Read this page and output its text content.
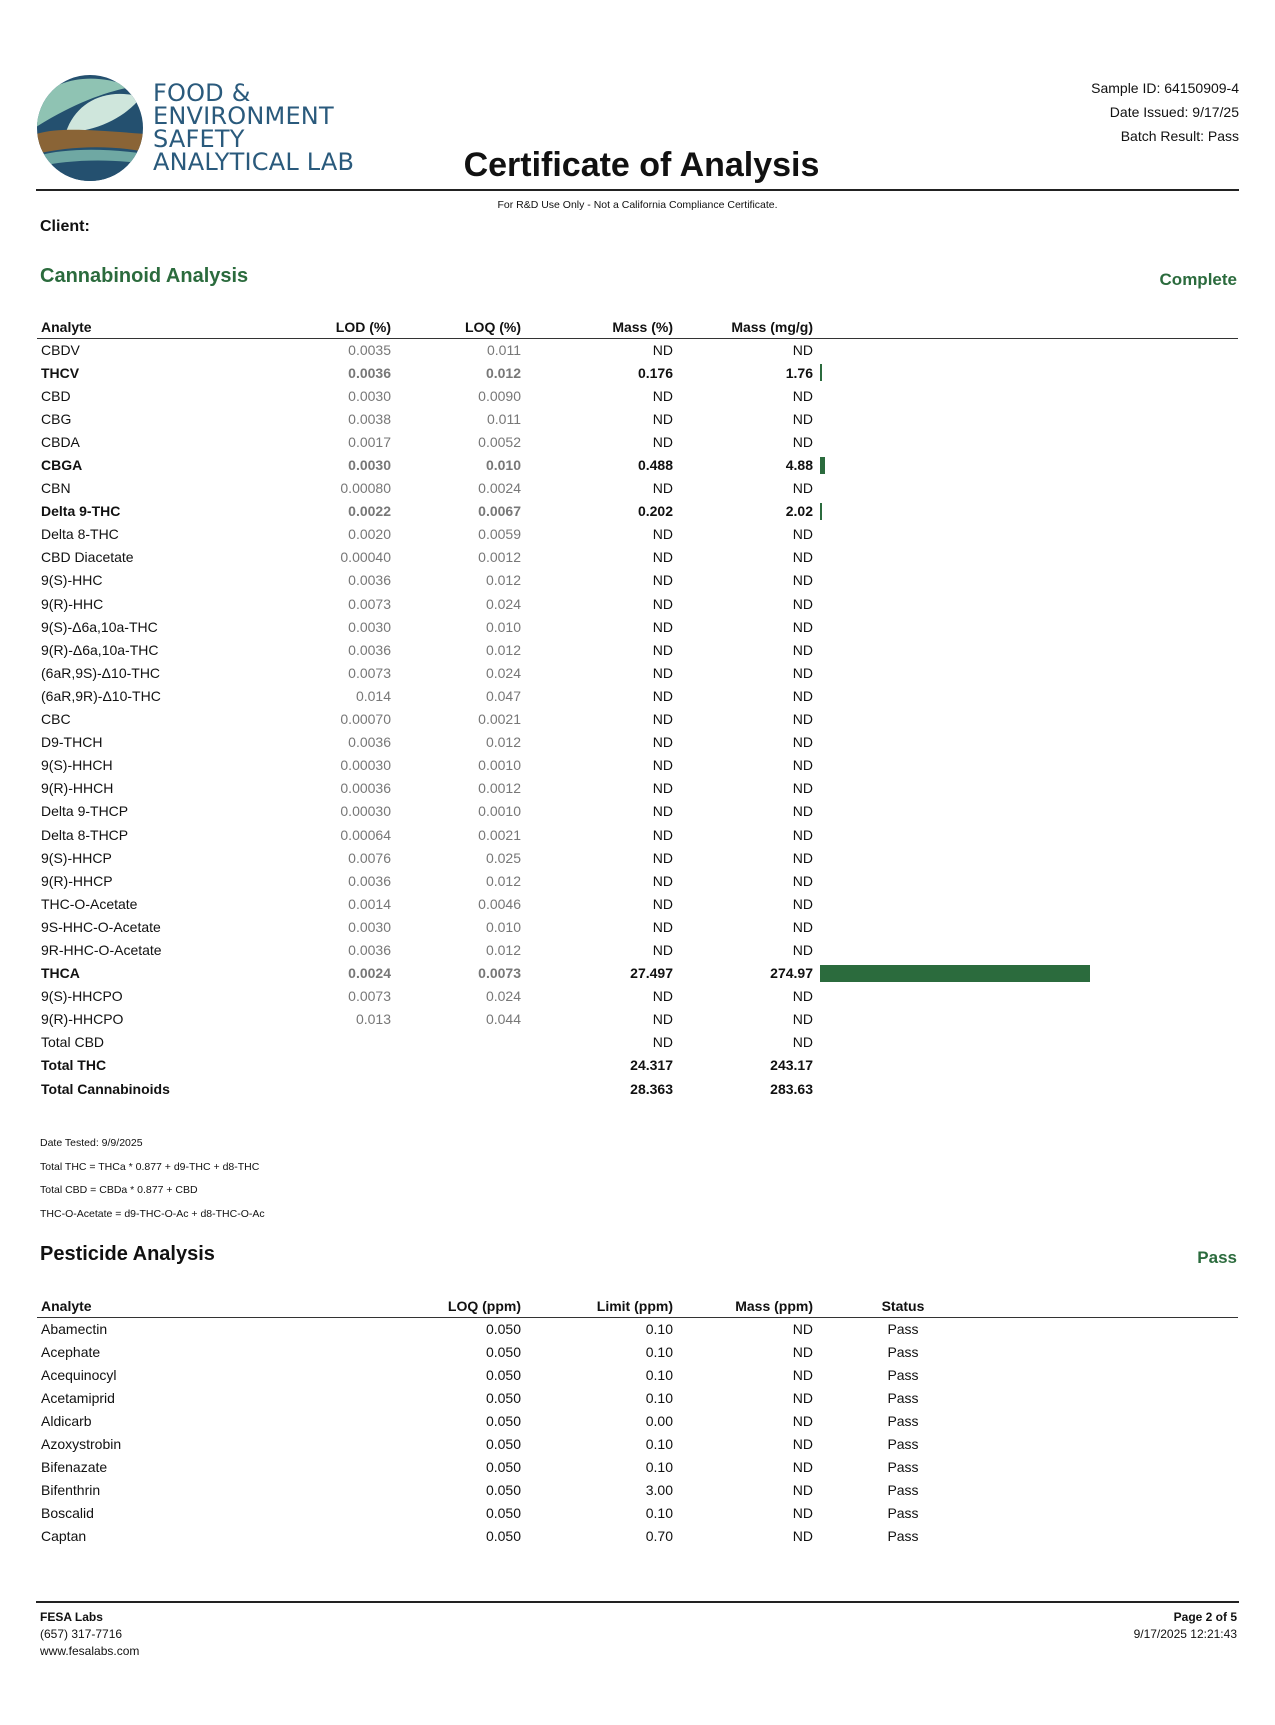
FOOD &
ENVIRONMENT
SAFETY
ANALYTICAL LAB	Certificate of Analysis
Sample ID: 64150909-4
Date Issued: 9/17/25
Batch Result: Pass
For R&D Use Only - Not a California Compliance Certificate.
Client:
Cannabinoid Analysis	Complete
Analyte	LOD (%)	LOQ (%)	Mass (%)	Mass (mg/g)	
CBDV	0.0035	0.011	ND	ND	
THCV	0.0036	0.012	0.176	1.76	

CBD	0.0030	0.0090	ND	ND	
CBG	0.0038	0.011	ND	ND	
CBDA	0.0017	0.0052	ND	ND	
CBGA	0.0030	0.010	0.488	4.88	

CBN	0.00080	0.0024	ND	ND	
Delta 9-THC	0.0022	0.0067	0.202	2.02	

Delta 8-THC	0.0020	0.0059	ND	ND	
CBD Diacetate	0.00040	0.0012	ND	ND	
9(S)-HHC	0.0036	0.012	ND	ND	
9(R)-HHC	0.0073	0.024	ND	ND	
9(S)-Δ6a,10a-THC	0.0030	0.010	ND	ND	
9(R)-Δ6a,10a-THC	0.0036	0.012	ND	ND	
(6aR,9S)-Δ10-THC	0.0073	0.024	ND	ND	
(6aR,9R)-Δ10-THC	0.014	0.047	ND	ND	
CBC	0.00070	0.0021	ND	ND	
D9-THCH	0.0036	0.012	ND	ND	
9(S)-HHCH	0.00030	0.0010	ND	ND	
9(R)-HHCH	0.00036	0.0012	ND	ND	
Delta 9-THCP	0.00030	0.0010	ND	ND	
Delta 8-THCP	0.00064	0.0021	ND	ND	
9(S)-HHCP	0.0076	0.025	ND	ND	
9(R)-HHCP	0.0036	0.012	ND	ND	
THC-O-Acetate	0.0014	0.0046	ND	ND	
9S-HHC-O-Acetate	0.0030	0.010	ND	ND	
9R-HHC-O-Acetate	0.0036	0.012	ND	ND	
THCA	0.0024	0.0073	27.497	274.97	

9(S)-HHCPO	0.0073	0.024	ND	ND	
9(R)-HHCPO	0.013	0.044	ND	ND	
Total CBD			ND	ND	
Total THC			24.317	243.17	
Total Cannabinoids			28.363	283.63	
Date Tested: 9/9/2025
Total THC = THCa * 0.877 + d9-THC + d8-THC
Total CBD = CBDa * 0.877 + CBD
THC-O-Acetate = d9-THC-O-Ac + d8-THC-O-Ac
Pesticide Analysis	Pass
Analyte	LOQ (ppm)	Limit (ppm)	Mass (ppm)	Status	
Abamectin	0.050	0.10	ND	Pass	
Acephate	0.050	0.10	ND	Pass	
Acequinocyl	0.050	0.10	ND	Pass	
Acetamiprid	0.050	0.10	ND	Pass	
Aldicarb	0.050	0.00	ND	Pass	
Azoxystrobin	0.050	0.10	ND	Pass	
Bifenazate	0.050	0.10	ND	Pass	
Bifenthrin	0.050	3.00	ND	Pass	
Boscalid	0.050	0.10	ND	Pass	
Captan	0.050	0.70	ND	Pass	
FESA Labs
(657) 317-7716
www.fesalabs.com
Page 2 of 5
9/17/2025 12:21:43
